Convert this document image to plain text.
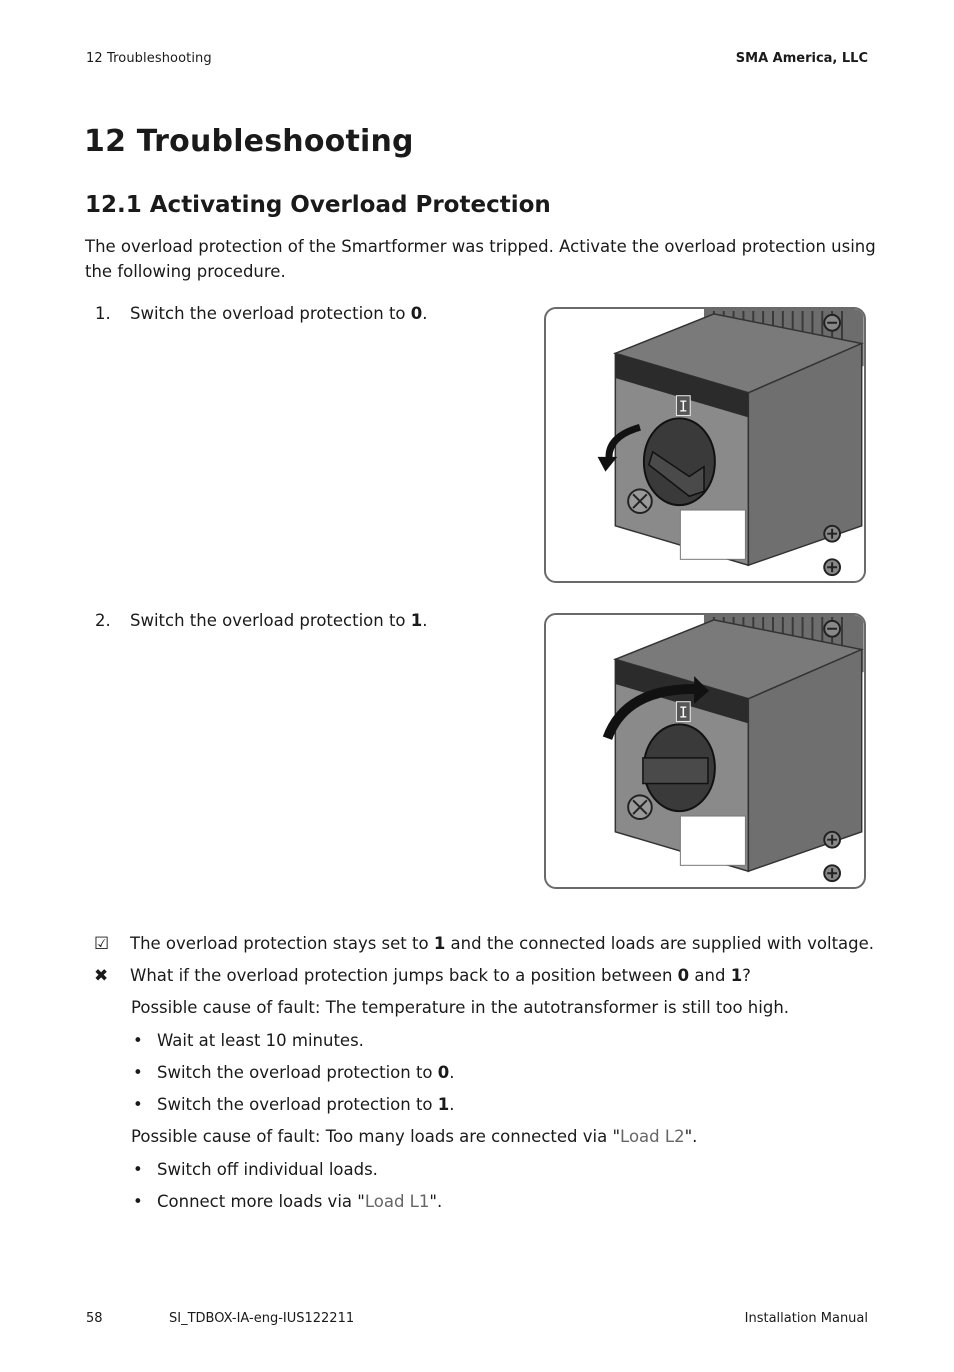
12 Troubleshooting	SMA America, LLC
12 Troubleshooting
12.1 Activating Overload Protection

The overload protection of the Smartformer was tripped. Activate the overload protection using the following procedure.

1. Switch the overload protection to 0.
I
2. Switch the overload protection to 1.
I
☑ The overload protection stays set to 1 and the connected loads are supplied with voltage.
✖ What if the overload protection jumps back to a position between 0 and 1?
Possible cause of fault: The temperature in the autotransformer is still too high.
• Wait at least 10 minutes.
• Switch the overload protection to 0.
• Switch the overload protection to 1.
Possible cause of fault: Too many loads are connected via "Load L2".
• Switch off individual loads.
• Connect more loads via "Load L1".
58	SI_TDBOX-IA-eng-IUS122211	Installation Manual
